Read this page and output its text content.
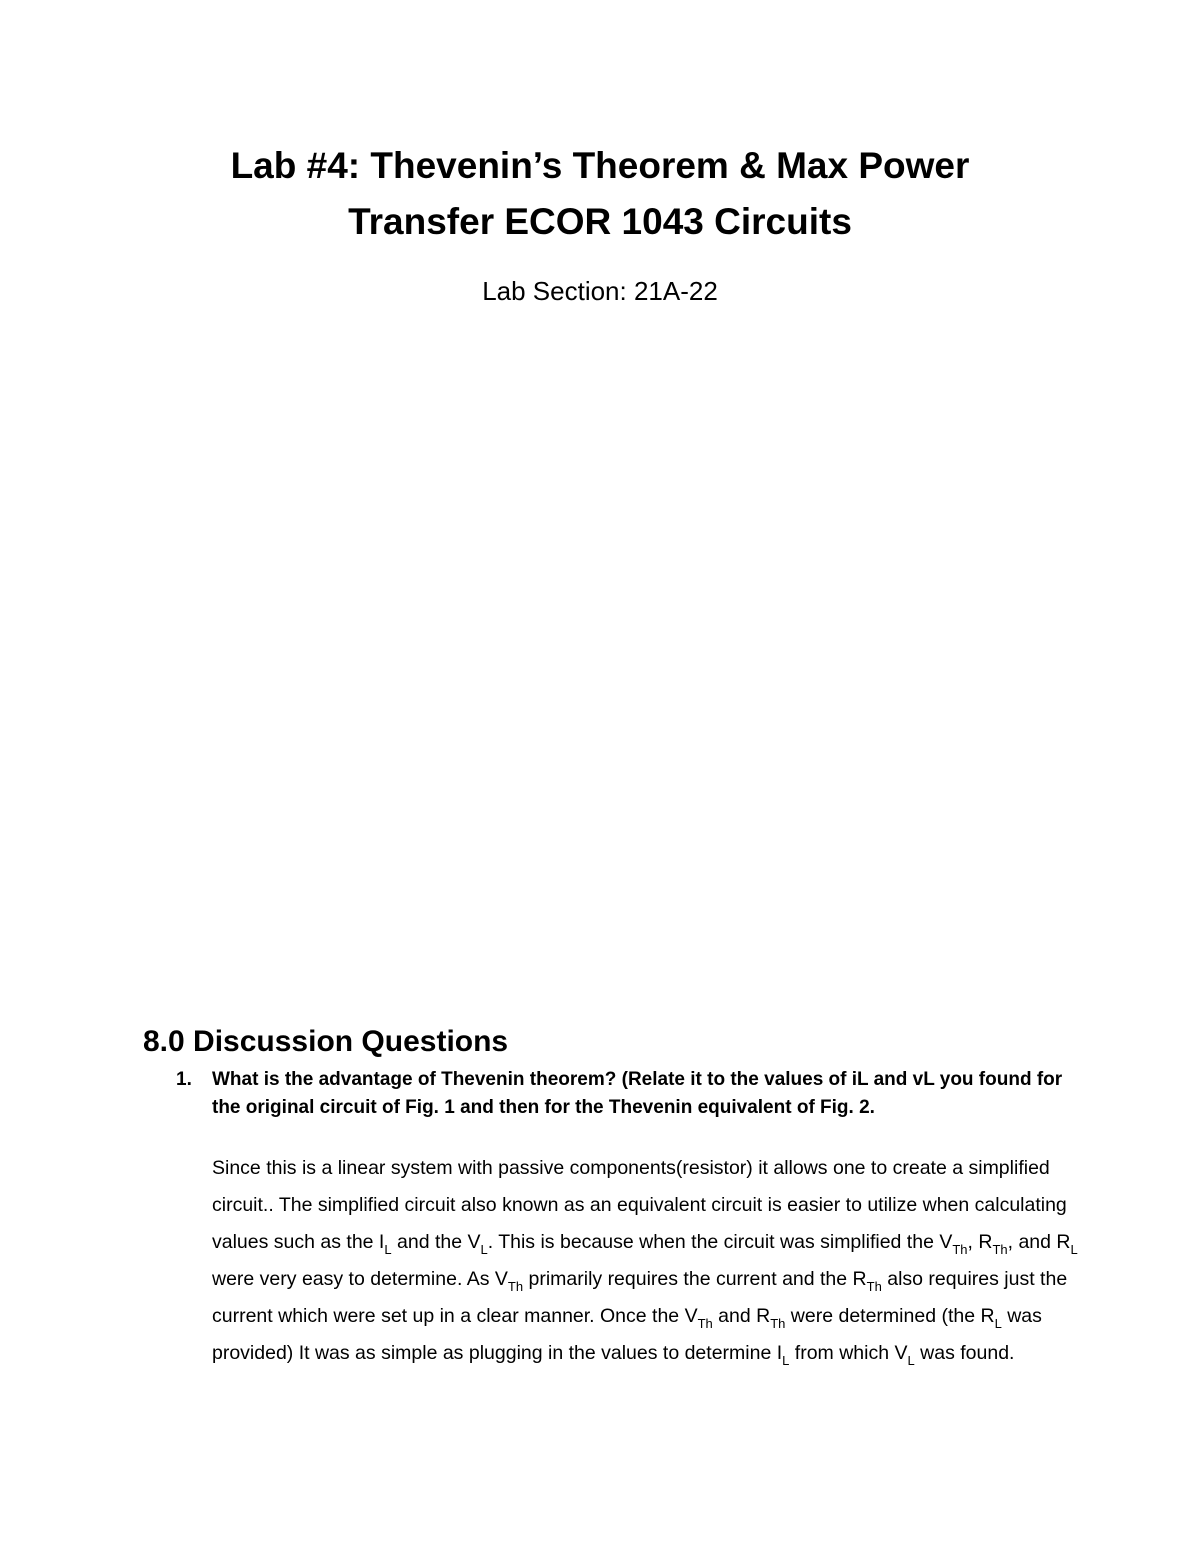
Lab #4: Thevenin’s Theorem & Max Power
Transfer ECOR 1043 Circuits

Lab Section: 21A-22

8.0 Discussion Questions
1. What is the advantage of Thevenin theorem? (Relate it to the values of iL and vL you found for the original circuit of Fig. 1 and then for the Thevenin equivalent of Fig. 2.

Since this is a linear system with passive components(resistor) it allows one to create a simplified circuit.. The simplified circuit also known as an equivalent circuit is easier to utilize when calculating values such as the $I_L$ and the $V_L$. This is because when the circuit was simplified the $V_{Th}$, $R_{Th}$, and $R_L$ were very easy to determine. As $V_{Th}$ primarily requires the current and the $R_{Th}$ also requires just the current which were set up in a clear manner. Once the $V_{Th}$ and $R_{Th}$ were determined (the $R_L$ was provided) It was as simple as plugging in the values to determine $I_L$ from which $V_L$ was found.
